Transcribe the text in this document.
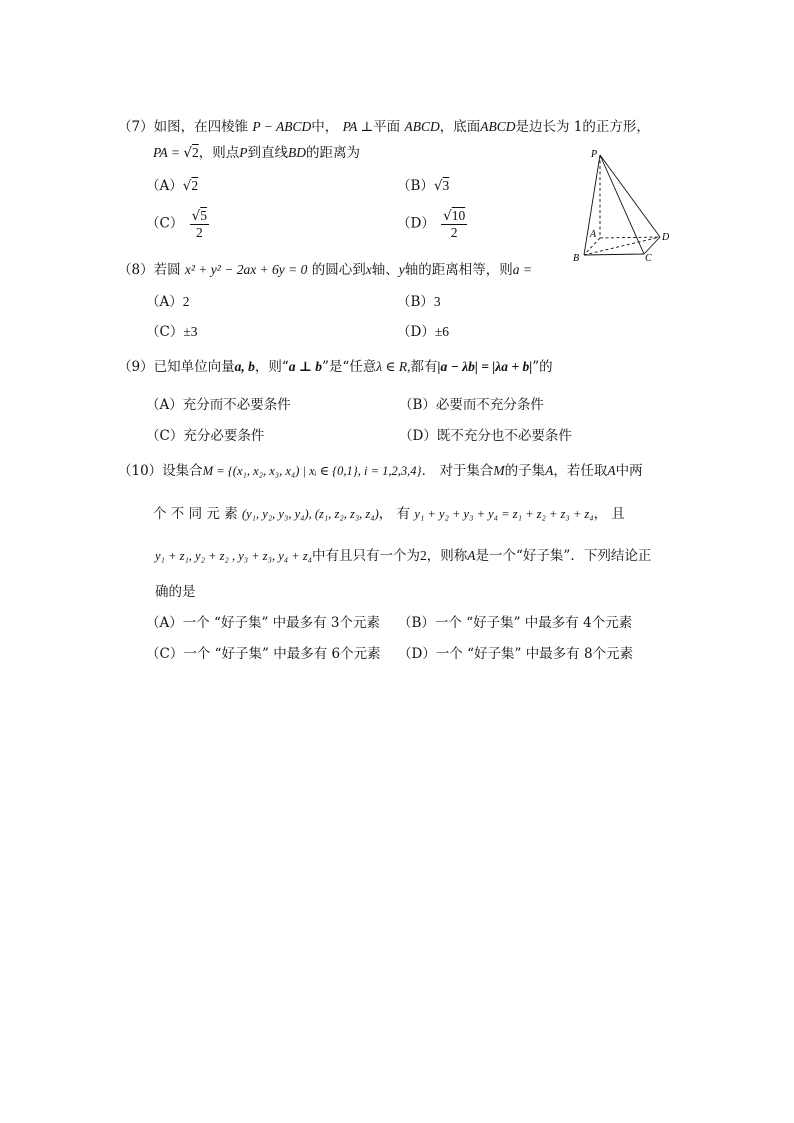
（7）如图，在四棱锥 P − ABCD中， PA ⊥平面 ABCD，底面ABCD是边长为 1的正方形，
PA = √2，则点P到直线BD的距离为
（A）√2	（B）√3
$(C) \frac{√5}{2}$	$(D) \frac{√10}{2}$
P
A
B	C
D
（8）若圆 x² + y² − 2ax + 6y = 0 的圆心到x轴、y轴的距离相等，则a =
（A）2	（B）3
（C）±3	（D）±6
（9）已知单位向量a, b，则“a ⊥ b”是“任意λ ∈ R,都有|a − λb| = |λa + b|”的
（A）充分而不必要条件	（B）必要而不充分条件
（C）充分必要条件	（D）既不充分也不必要条件
（10）设集合M = {(x₁, x₂, x₃, x₄) | xᵢ ∈ {0,1}, i = 1,2,3,4}． 对于集合M的子集A，若任取A中两
个 不 同 元 素 (y₁, y₂, y₃, y₄), (z₁, z₂, z₃, z₄)， 有 y₁ + y₂ + y₃ + y₄ = z₁ + z₂ + z₃ + z₄， 且
y₁ + z₁, y₂ + z₂ , y₃ + z₃, y₄ + z₄中有且只有一个为2，则称A是一个“好子集”．下列结论正
确的是
（A）一个 “好子集” 中最多有 3个元素 （B）一个 “好子集” 中最多有 4个元素
（C）一个 “好子集” 中最多有 6个元素 （D）一个 “好子集” 中最多有 8个元素
